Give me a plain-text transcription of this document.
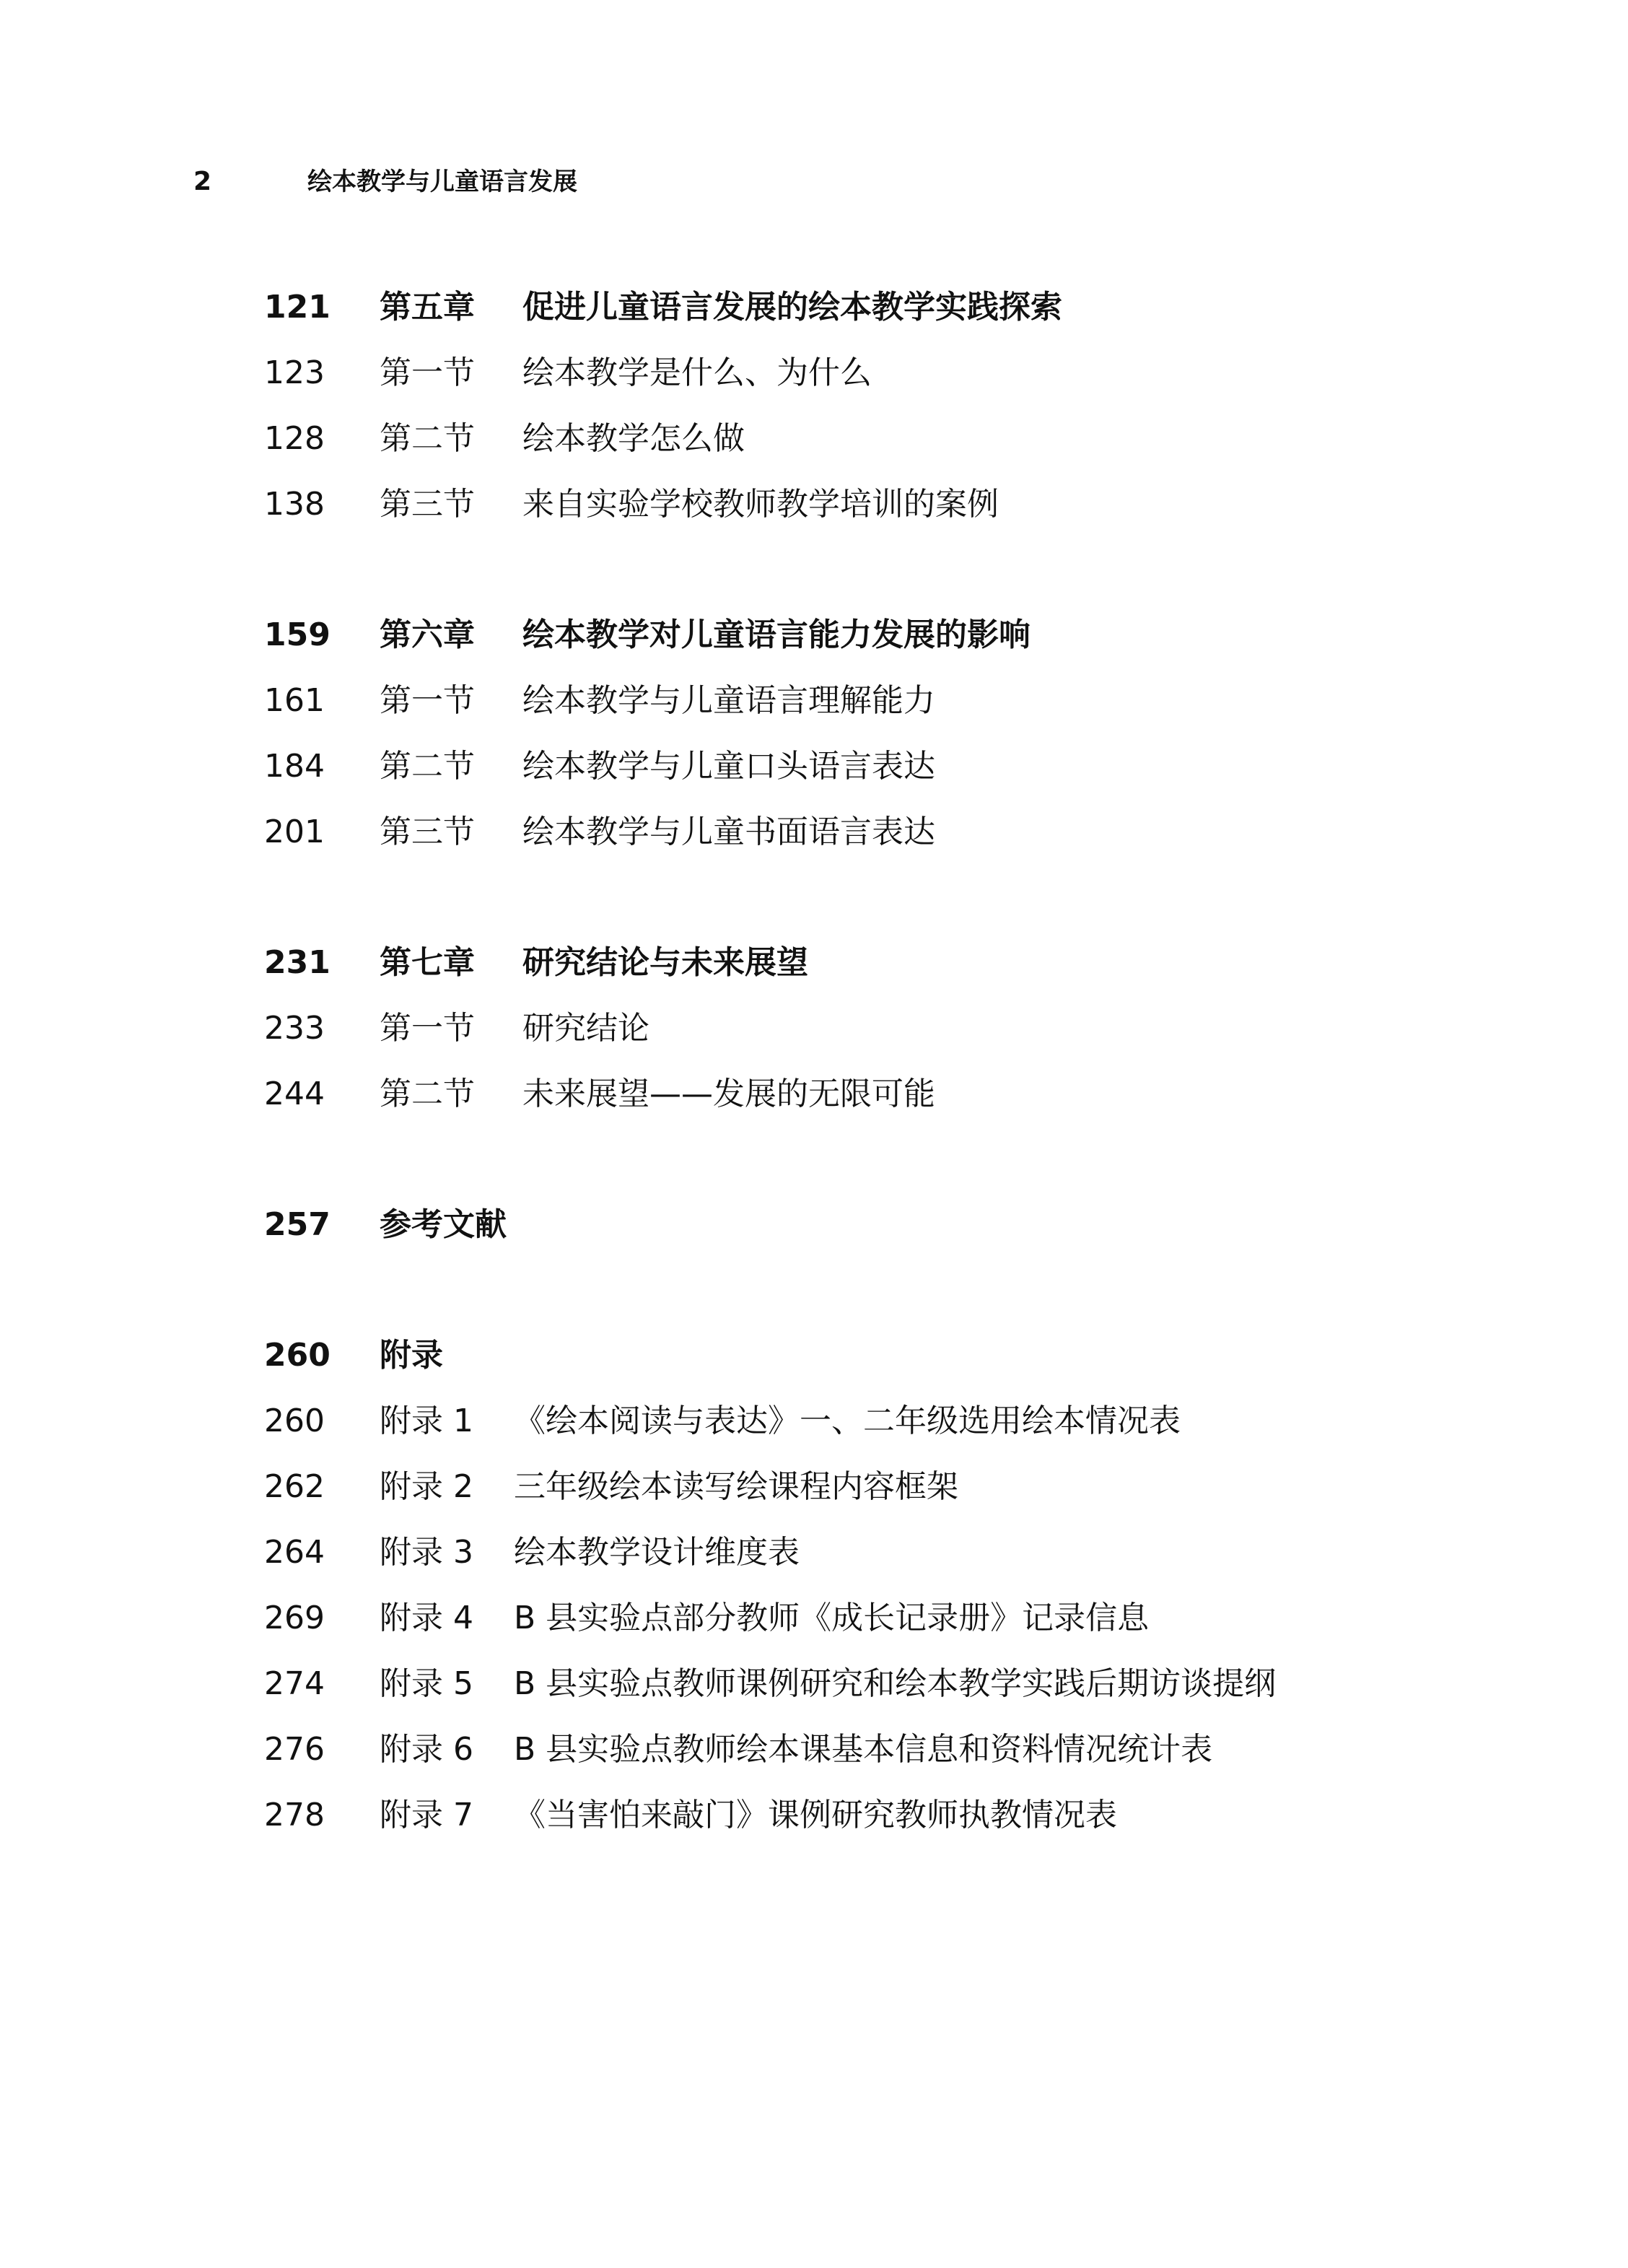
2	绘本教学与儿童语言发展
121 第五章 促进儿童语言发展的绘本教学实践探索
123 第一节 绘本教学是什么、为什么
128 第二节 绘本教学怎么做
138 第三节 来自实验学校教师教学培训的案例
159 第六章 绘本教学对儿童语言能力发展的影响
161 第一节 绘本教学与儿童语言理解能力
184 第二节 绘本教学与儿童口头语言表达
201 第三节 绘本教学与儿童书面语言表达
231 第七章 研究结论与未来展望
233 第一节 研究结论
244 第二节 未来展望——发展的无限可能
257 参考文献
260 附录
260 附录 1 《绘本阅读与表达》一、二年级选用绘本情况表
262 附录 2 三年级绘本读写绘课程内容框架
264 附录 3 绘本教学设计维度表
269 附录 4 B 县实验点部分教师《成长记录册》记录信息
274 附录 5 B 县实验点教师课例研究和绘本教学实践后期访谈提纲
276 附录 6 B 县实验点教师绘本课基本信息和资料情况统计表
278 附录 7 《当害怕来敲门》课例研究教师执教情况表
